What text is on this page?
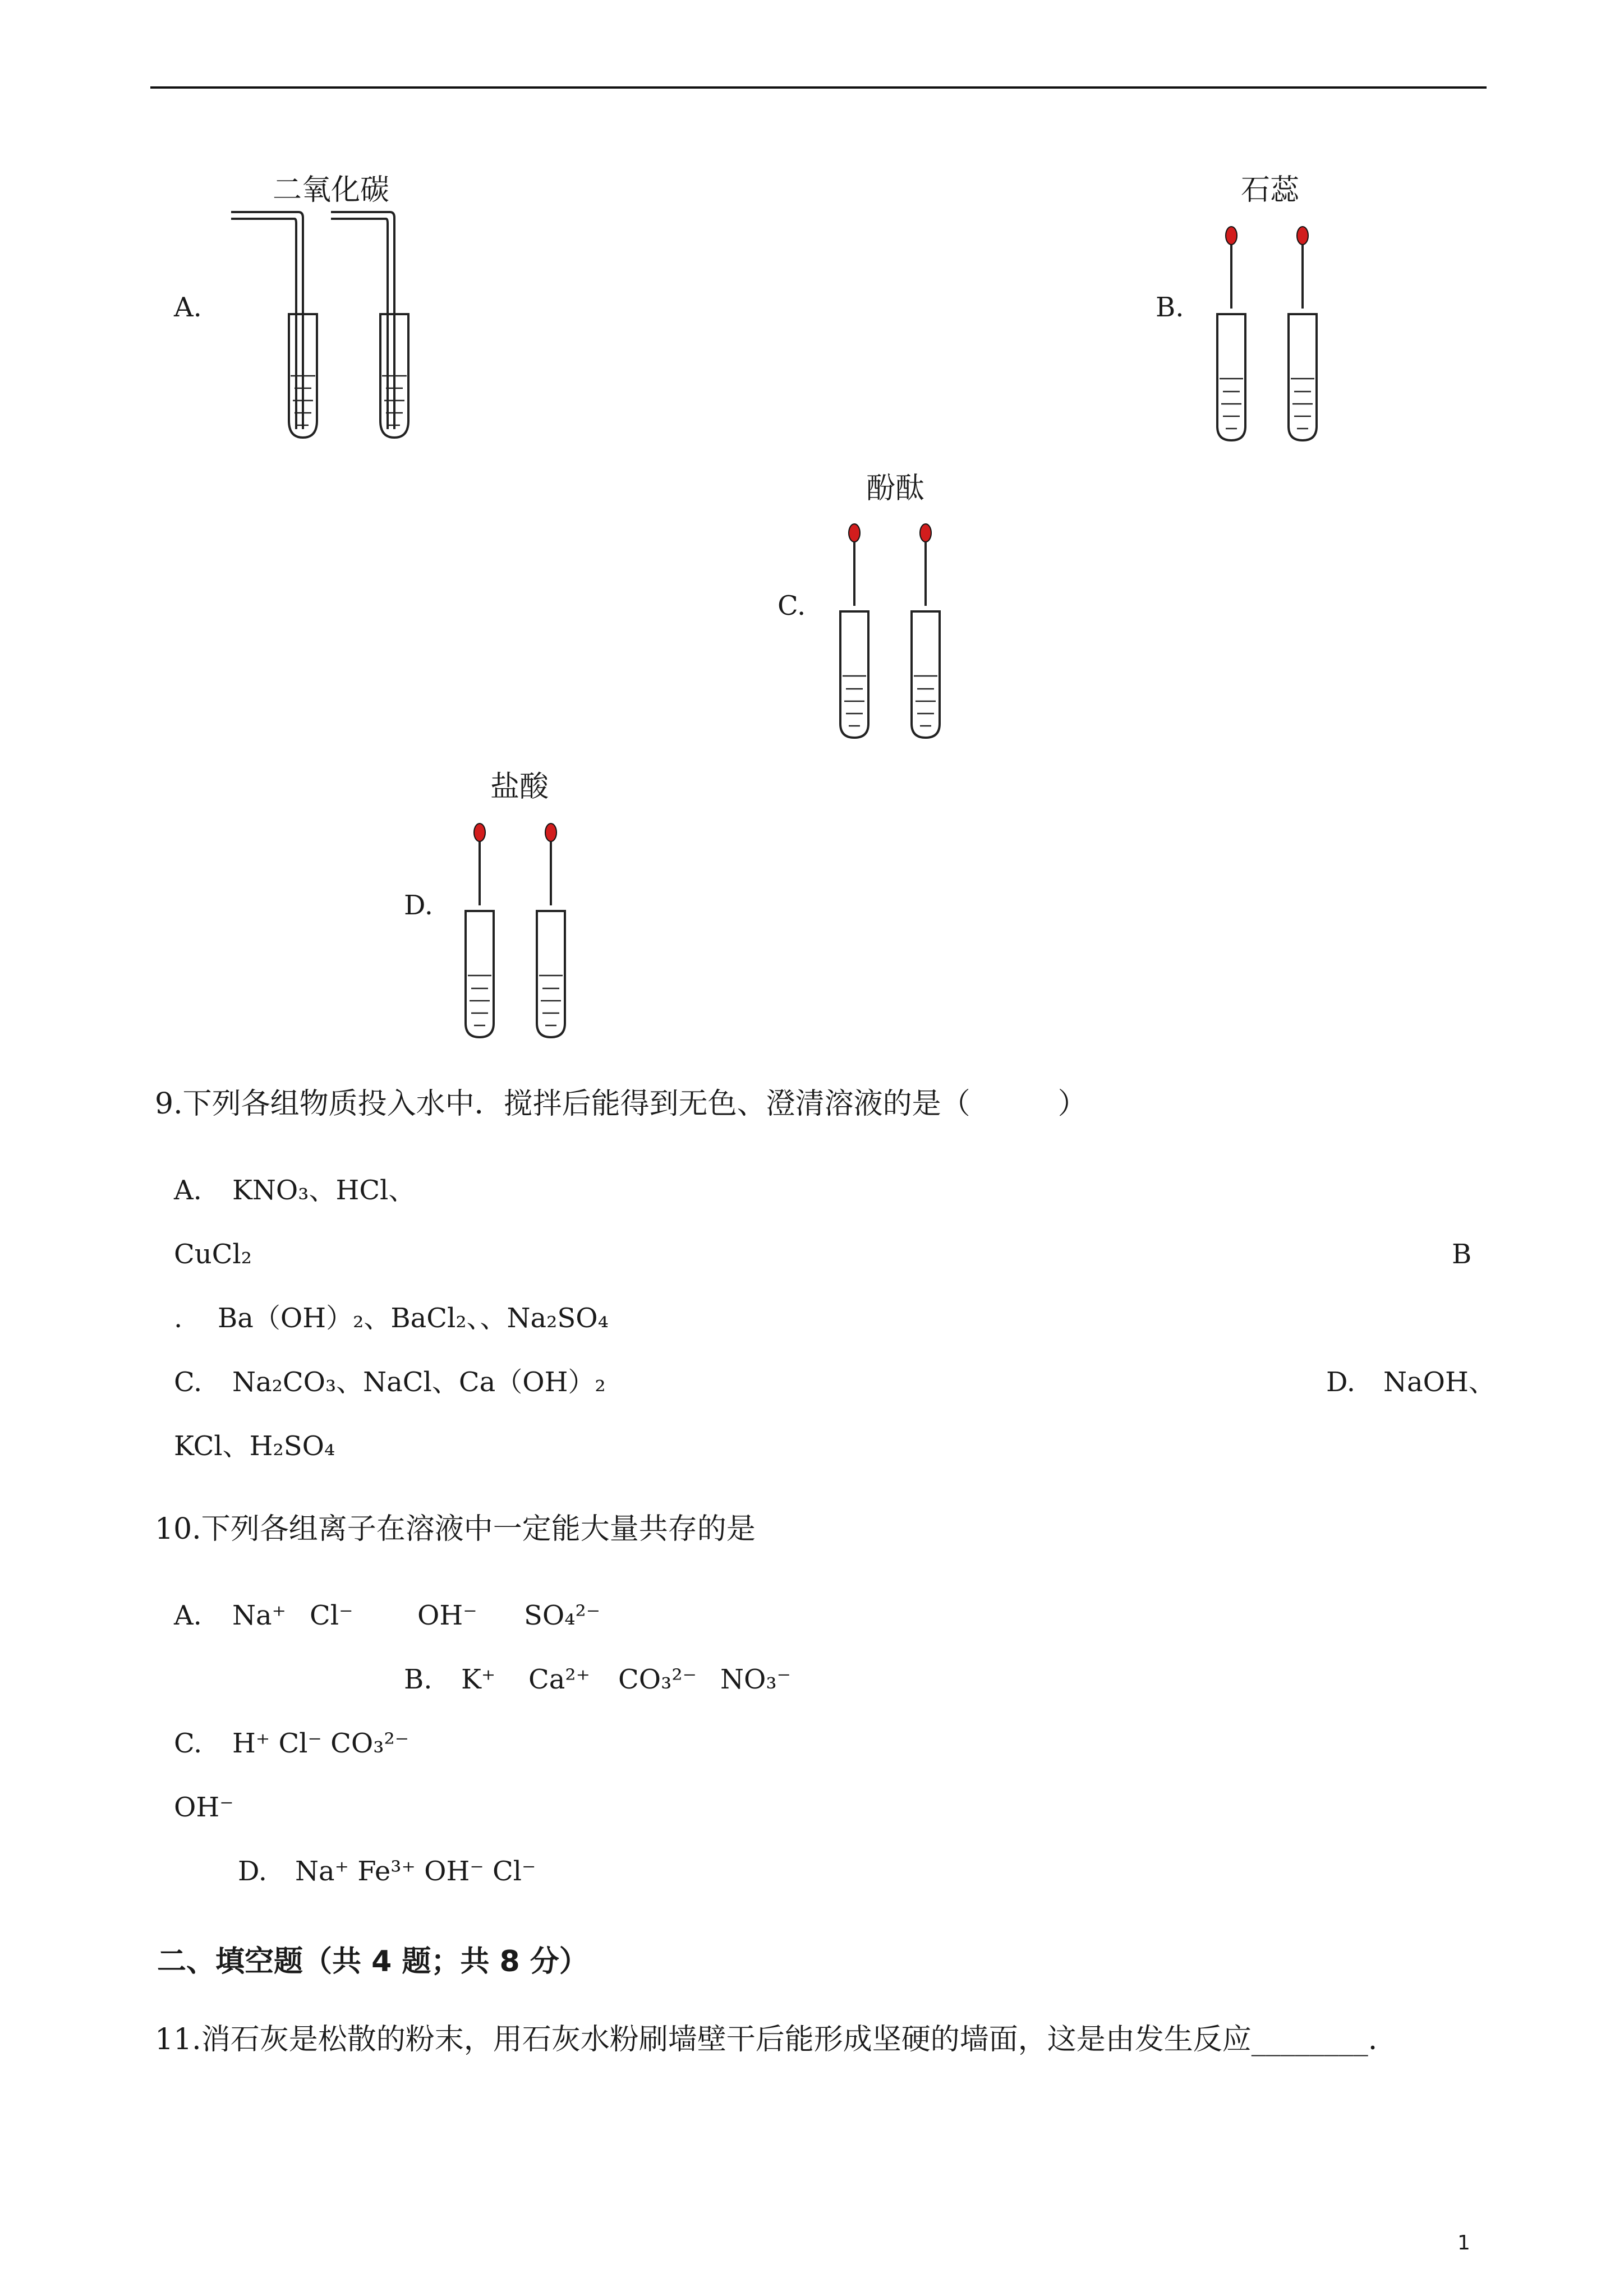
A.
二氧化碳
B.
石蕊
C.
酚酞
D.
盐酸
9.下列各组物质投入水中．搅拌后能得到无色、澄清溶液的是（　　　）
A. KNO₃、HCl、
CuCl₂	B
. Ba（OH）₂、BaCl₂、、Na₂SO₄
C. Na₂CO₃、NaCl、Ca（OH）₂	D. NaOH、
KCl、H₂SO₄
10.下列各组离子在溶液中一定能大量共存的是
A. Na⁺ Cl⁻ OH⁻ SO₄²⁻
B. K⁺ Ca²⁺ CO₃²⁻ NO₃⁻
C. H⁺ Cl⁻ CO₃²⁻
OH⁻
D. Na⁺ Fe³⁺ OH⁻ Cl⁻
二、填空题（共 4 题；共 8 分）
11.消石灰是松散的粉末，用石灰水粉刷墙壁干后能形成坚硬的墙面，这是由发生反应________.
1
